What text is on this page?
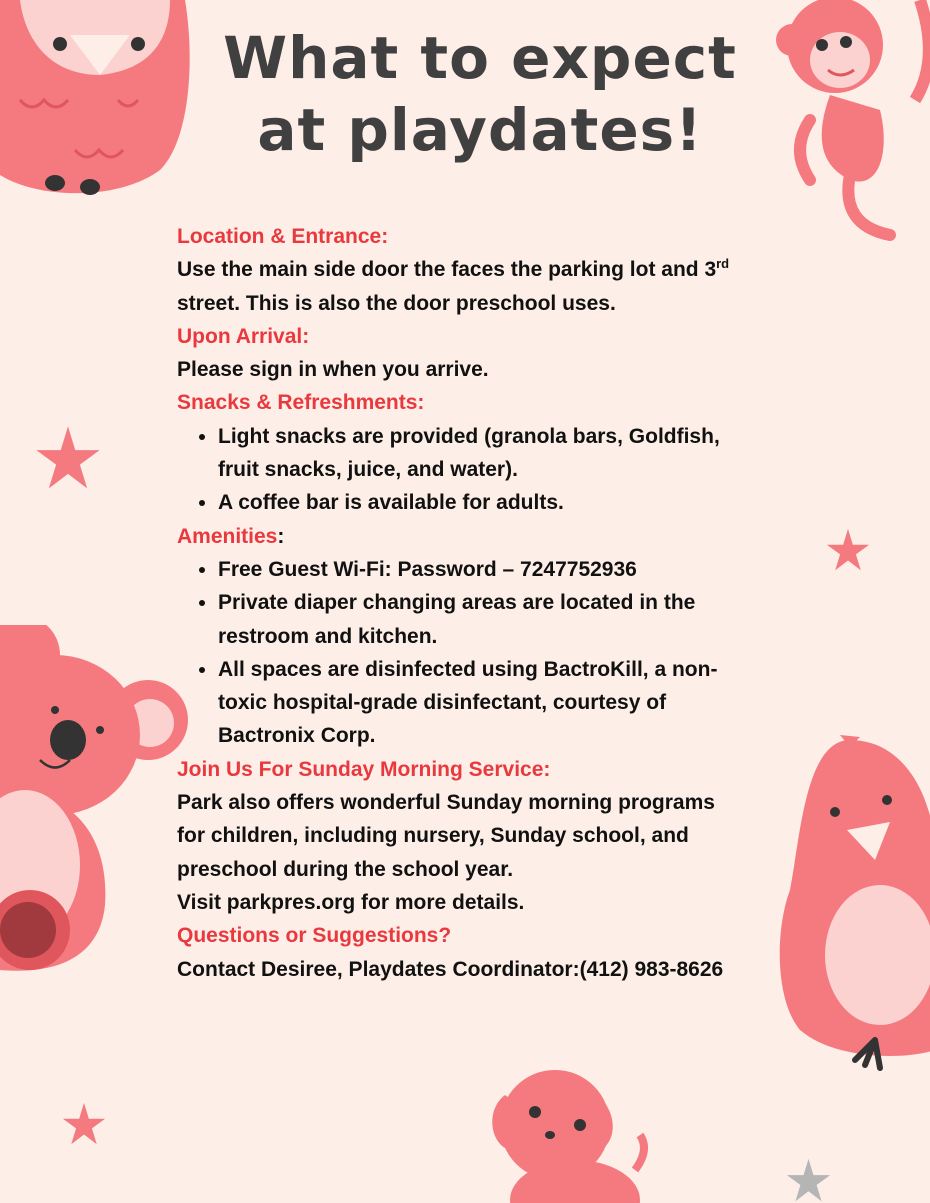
What to expect
at playdates!

Location & Entrance:

Use the main side door the faces the parking lot and 3rd street. This is also the door preschool uses.

Upon Arrival:

Please sign in when you arrive.

Snacks & Refreshments:

• Light snacks are provided (granola bars, Goldfish, fruit snacks, juice, and water).
• A coffee bar is available for adults.

Amenities:

• Free Guest Wi-Fi: Password – 7247752936
• Private diaper changing areas are located in the restroom and kitchen.
• All spaces are disinfected using BactroKill, a non-toxic hospital-grade disinfectant, courtesy of Bactronix Corp.

Join Us For Sunday Morning Service:

Park also offers wonderful Sunday morning programs for children, including nursery, Sunday school, and preschool during the school year.

Visit parkpres.org for more details.

Questions or Suggestions?

Contact Desiree, Playdates Coordinator:(412) 983-8626
